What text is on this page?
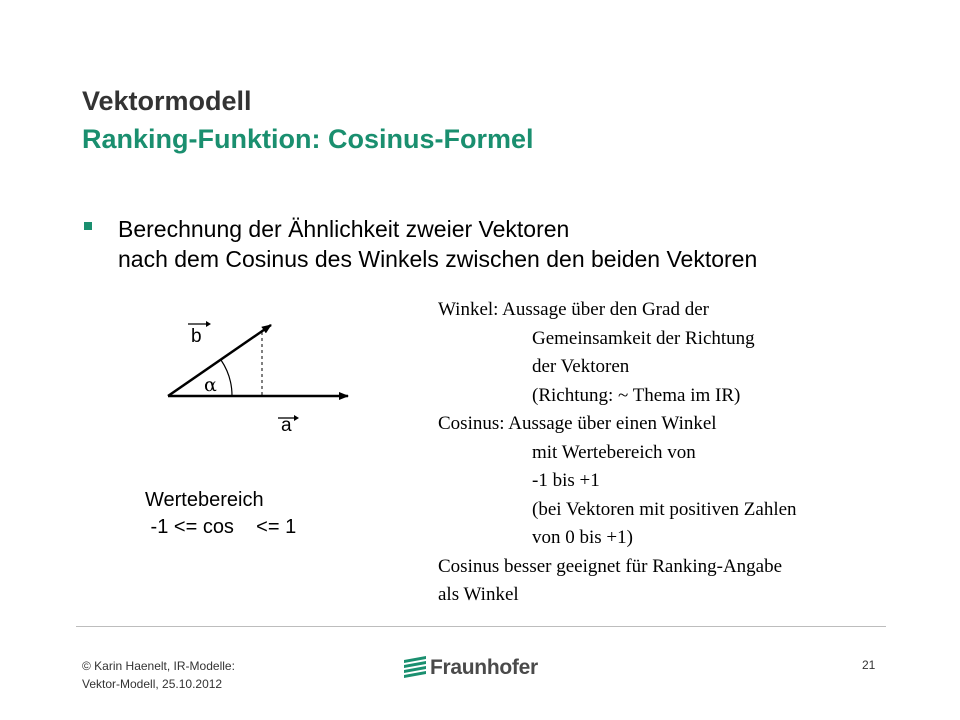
Vektormodell
Ranking-Funktion: Cosinus-Formel
Berechnung der Ähnlichkeit zweier Vektoren
nach dem Cosinus des Winkels zwischen den beiden Vektoren
b
α
a
Wertebereich
-1 <= cos    <= 1
Winkel: Aussage über den Grad der
Gemeinsamkeit der Richtung
der Vektoren
(Richtung: ~ Thema im IR)
Cosinus: Aussage über einen Winkel
mit Wertebereich von
-1 bis +1
(bei Vektoren mit positiven Zahlen
von 0 bis +1)
Cosinus besser geeignet für Ranking-Angabe
als Winkel
© Karin Haenelt, IR-Modelle:
Vektor-Modell, 25.10.2012
Fraunhofer	21
